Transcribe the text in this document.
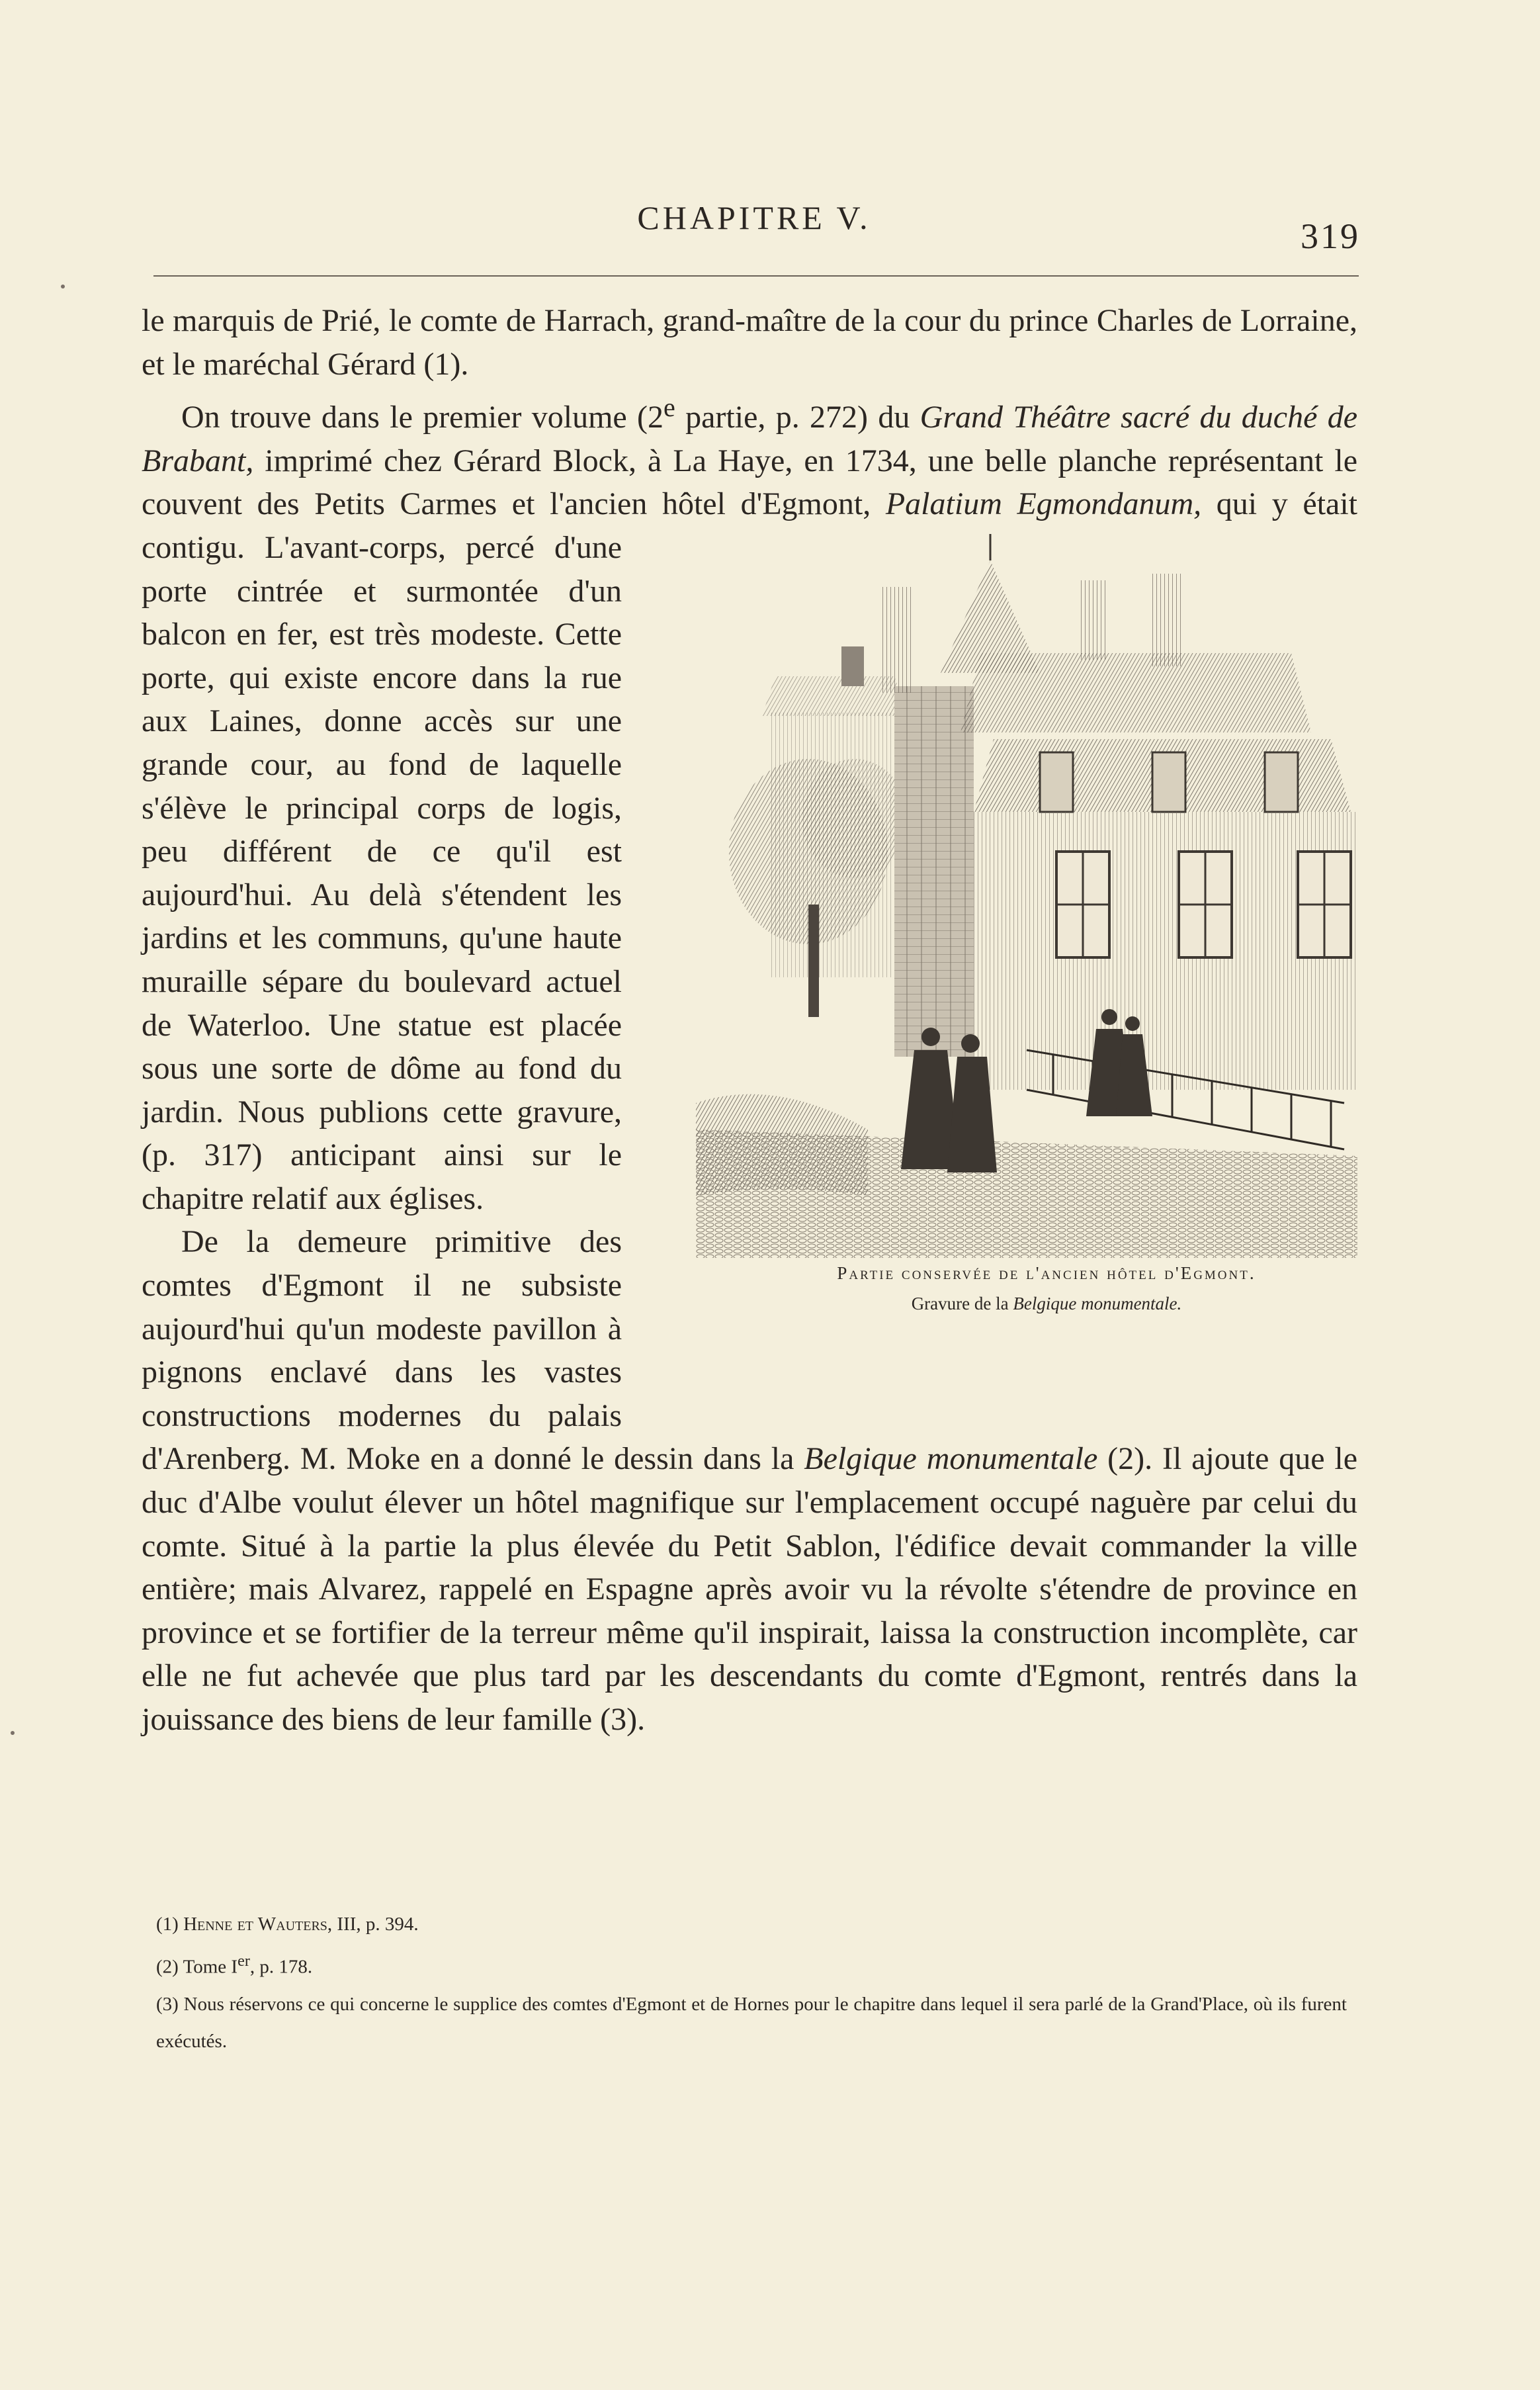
CHAPITRE V.	319

le marquis de Prié, le comte de Harrach, grand-maître de la cour du prince Charles de Lorraine, et le maréchal Gérard (1).

On trouve dans le premier volume (2e partie, p. 272) du Grand Théâtre sacré du duché de Brabant, imprimé chez Gérard Block, à La Haye, en 1734, une belle planche représentant le couvent des Petits Carmes et l'ancien hôtel d'Egmont,
Partie conservée de l'ancien hôtel d'Egmont.
Gravure de la Belgique monumentale.
Palatium Egmondanum, qui y était contigu. L'avant-corps, percé d'une porte cintrée et surmontée d'un balcon en fer, est très modeste. Cette porte, qui existe encore dans la rue aux Laines, donne accès sur une grande cour, au fond de laquelle s'élève le principal corps de logis, peu différent de ce qu'il est aujourd'hui. Au delà s'étendent les jardins et les communs, qu'une haute muraille sépare du boulevard actuel de Waterloo. Une statue est placée sous une sorte de dôme au fond du jardin. Nous publions cette gravure, (p. 317) anticipant ainsi sur le chapitre relatif aux églises.

De la demeure primitive des comtes d'Egmont il ne subsiste aujourd'hui qu'un modeste pavillon à pignons enclavé dans les vastes constructions modernes du palais d'Arenberg. M. Moke en a donné le dessin dans la Belgique monumentale (2). Il ajoute que le duc d'Albe voulut élever un hôtel magnifique sur l'emplacement occupé naguère par celui du comte. Situé à la partie la plus élevée du Petit Sablon, l'édifice devait commander la ville entière; mais Alvarez, rappelé en Espagne après avoir vu la révolte s'étendre de province en province et se fortifier de la terreur même qu'il inspirait, laissa la construction incomplète, car elle ne fut achevée que plus tard par les descendants du comte d'Egmont, rentrés dans la jouissance des biens de leur famille (3).

(1) Henne et Wauters, III, p. 394.

(2) Tome Ier, p. 178.

(3) Nous réservons ce qui concerne le supplice des comtes d'Egmont et de Hornes pour le chapitre dans lequel il sera parlé de la Grand'Place, où ils furent exécutés.
